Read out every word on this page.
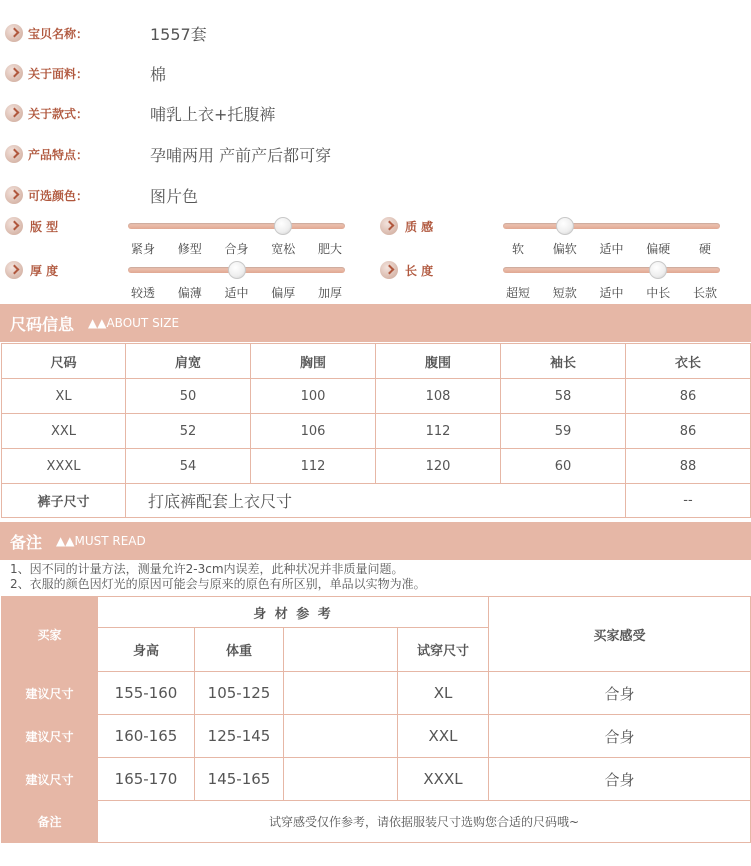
宝贝名称：	1557套
关于面料：	棉
关于款式：	哺乳上衣+托腹裤
产品特点：	孕哺两用 产前产后都可穿
可选颜色：	图片色
尺码信息 ▲▲ABOUT SIZE
尺码	肩宽	胸围	腹围	袖长	衣长
XL	50	100	108	58	86
XXL	52	106	112	59	86
XXXL	54	112	120	60	88
裤子尺寸	打底裤配套上衣尺寸				--
备注 ▲▲MUST READ
1、因不同的计量方法，测量允许2-3cm内误差，此种状况并非质量问题。
2、衣服的颜色因灯光的原因可能会与原来的原色有所区别，单品以实物为准。
买家	身 材 参 考				买家感受
	身高	体重		试穿尺寸	
建议尺寸	155-160	105-125		XL	合身
建议尺寸	160-165	125-145		XXL	合身
建议尺寸	165-170	145-165		XXXL	合身
备注	试穿感受仅作参考，请依据服装尺寸选购您合适的尺码哦~				
版 型
紧身 修型 合身 宽松 肥大
质 感
软 偏软 适中 偏硬 硬
厚 度
较透 偏薄 适中 偏厚 加厚
长 度
超短 短款 适中 中长 长款
